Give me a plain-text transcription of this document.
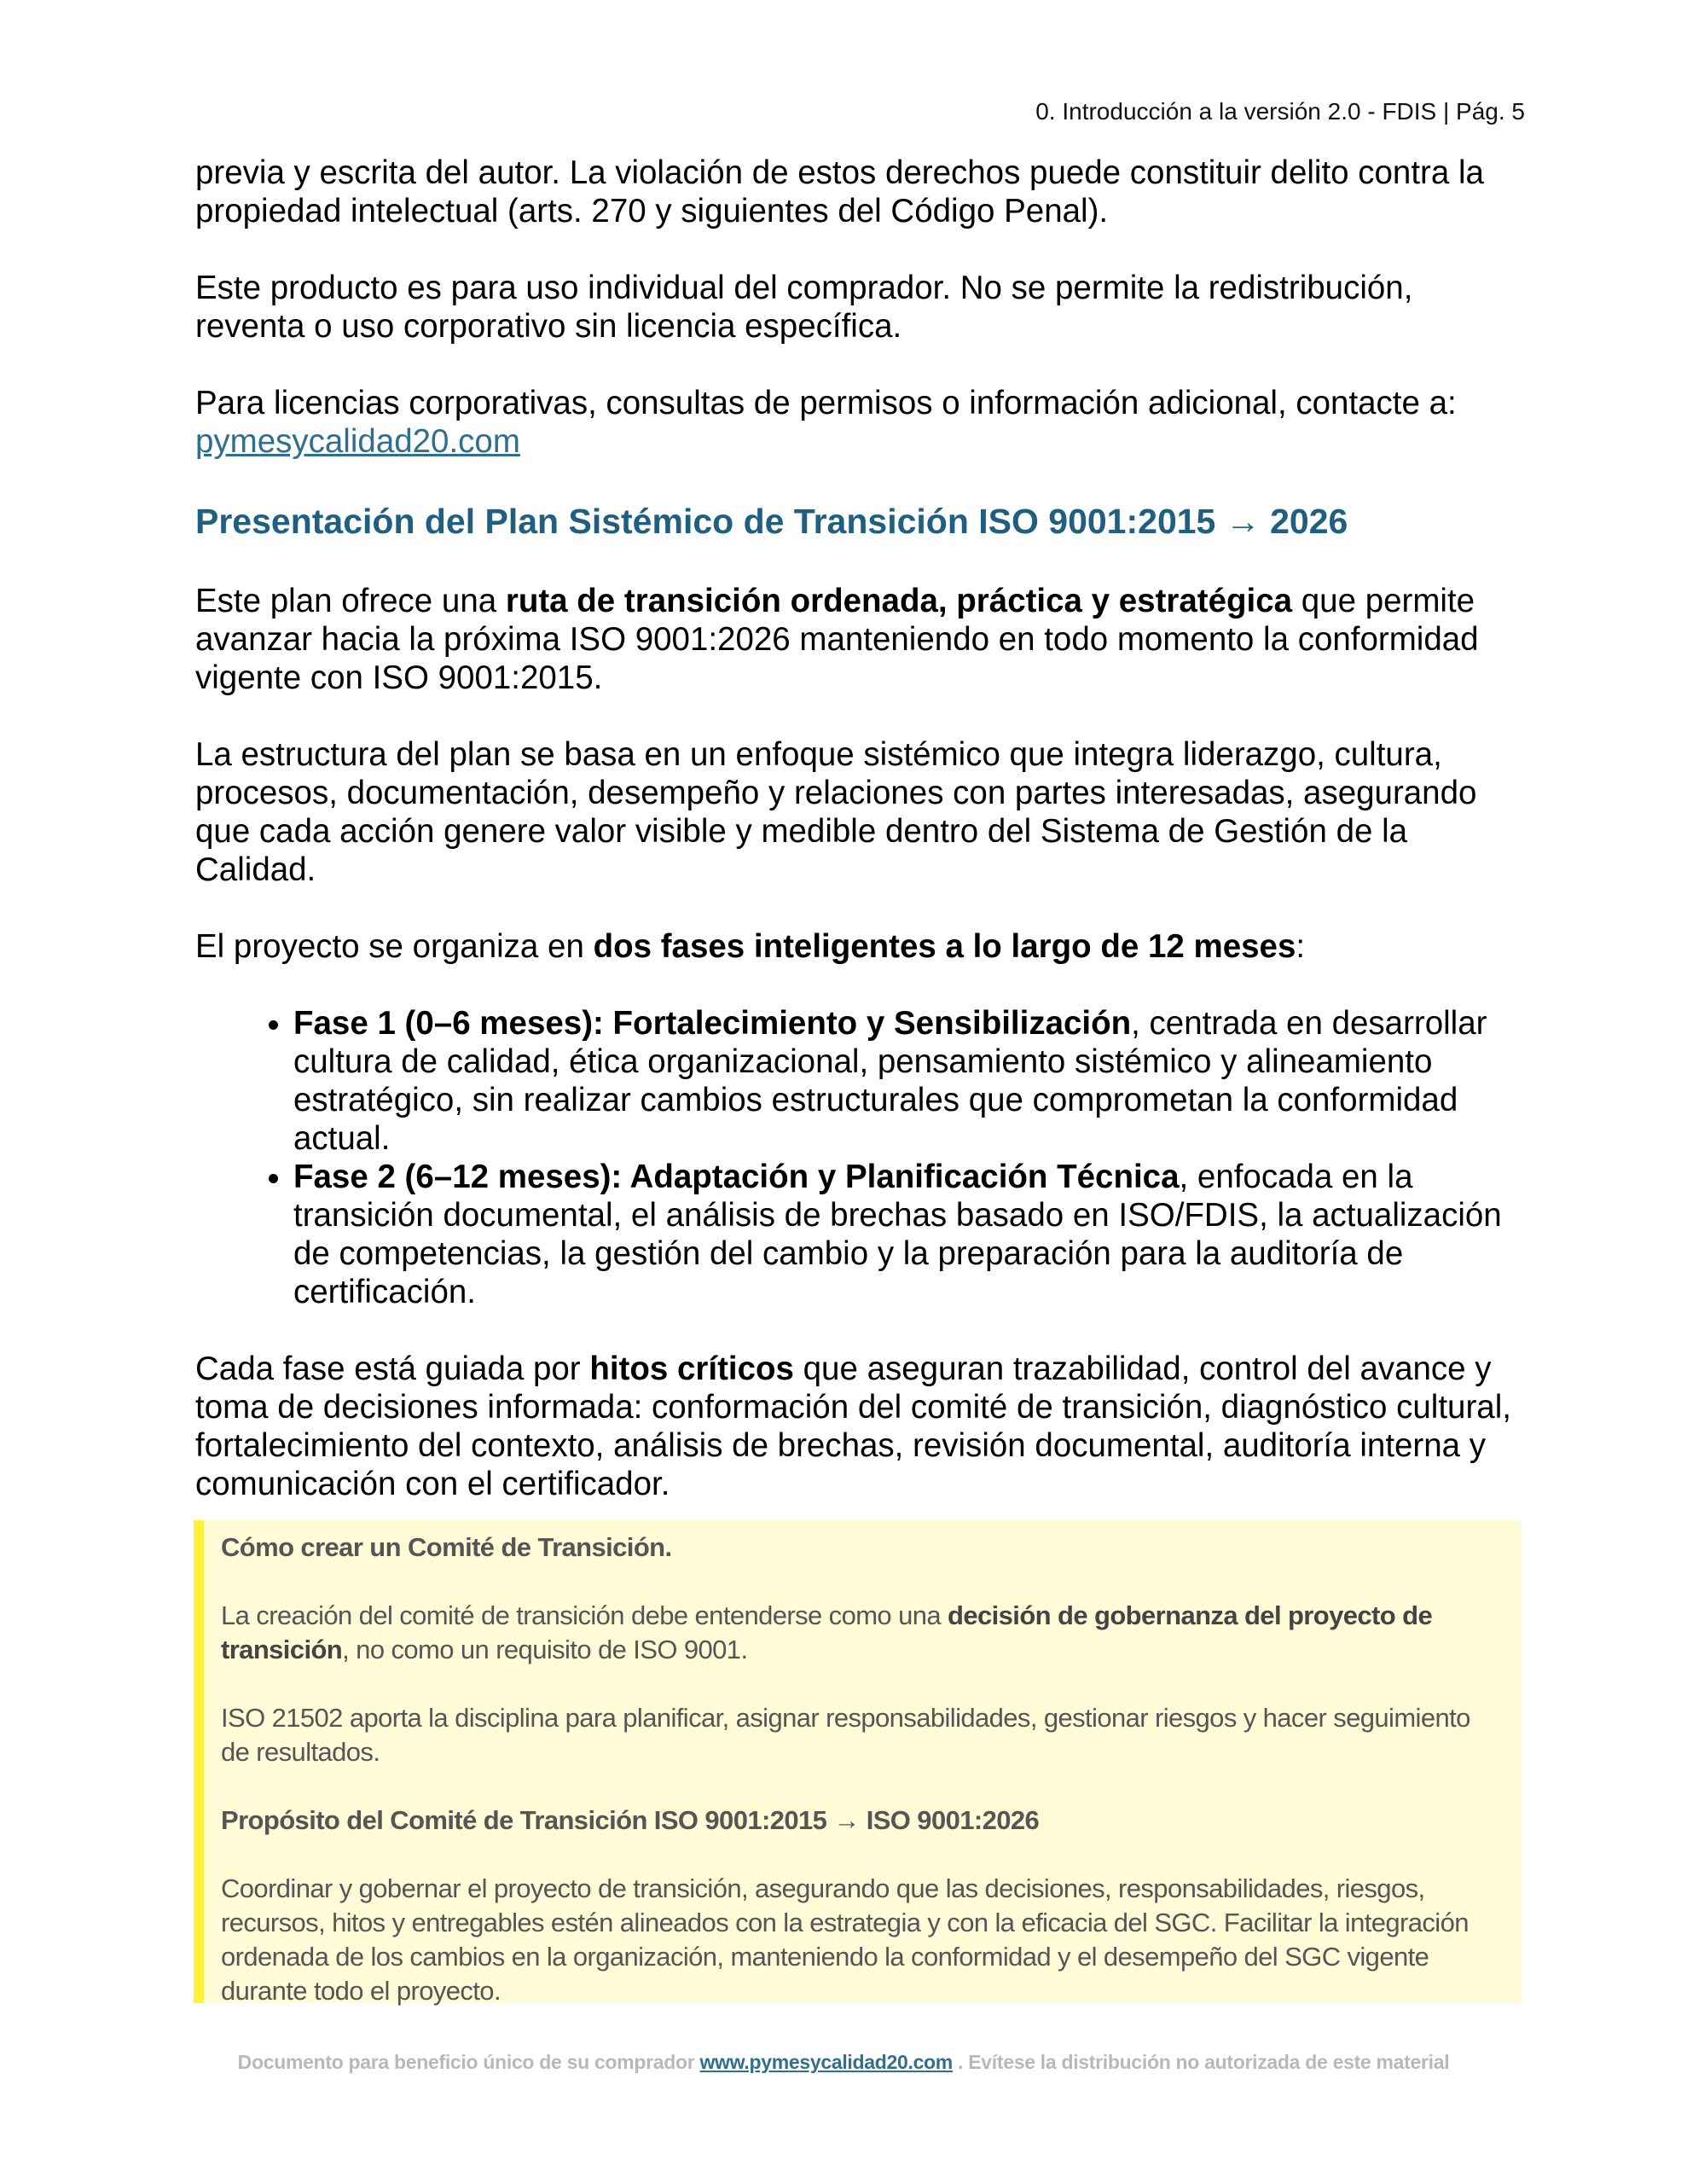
0. Introducción a la versión 2.0 - FDIS | Pág. 5

previa y escrita del autor. La violación de estos derechos puede constituir delito contra la propiedad intelectual (arts. 270 y siguientes del Código Penal).

Este producto es para uso individual del comprador. No se permite la redistribución, reventa o uso corporativo sin licencia específica.

Para licencias corporativas, consultas de permisos o información adicional, contacte a:
pymesycalidad20.com

Presentación del Plan Sistémico de Transición ISO 9001:2015 → 2026

Este plan ofrece una ruta de transición ordenada, práctica y estratégica que permite avanzar hacia la próxima ISO 9001:2026 manteniendo en todo momento la conformidad vigente con ISO 9001:2015.

La estructura del plan se basa en un enfoque sistémico que integra liderazgo, cultura, procesos, documentación, desempeño y relaciones con partes interesadas, asegurando que cada acción genere valor visible y medible dentro del Sistema de Gestión de la Calidad.

El proyecto se organiza en dos fases inteligentes a lo largo de 12 meses:

• Fase 1 (0–6 meses): Fortalecimiento y Sensibilización, centrada en desarrollar cultura de calidad, ética organizacional, pensamiento sistémico y alineamiento estratégico, sin realizar cambios estructurales que comprometan la conformidad actual.
• Fase 2 (6–12 meses): Adaptación y Planificación Técnica, enfocada en la transición documental, el análisis de brechas basado en ISO/FDIS, la actualización de competencias, la gestión del cambio y la preparación para la auditoría de certificación.

Cada fase está guiada por hitos críticos que aseguran trazabilidad, control del avance y toma de decisiones informada: conformación del comité de transición, diagnóstico cultural, fortalecimiento del contexto, análisis de brechas, revisión documental, auditoría interna y comunicación con el certificador.

Cómo crear un Comité de Transición.

La creación del comité de transición debe entenderse como una decisión de gobernanza del proyecto de transición, no como un requisito de ISO 9001.

ISO 21502 aporta la disciplina para planificar, asignar responsabilidades, gestionar riesgos y hacer seguimiento de resultados.

Propósito del Comité de Transición ISO 9001:2015 → ISO 9001:2026

Coordinar y gobernar el proyecto de transición, asegurando que las decisiones, responsabilidades, riesgos, recursos, hitos y entregables estén alineados con la estrategia y con la eficacia del SGC. Facilitar la integración ordenada de los cambios en la organización, manteniendo la conformidad y el desempeño del SGC vigente durante todo el proyecto.

Documento para beneficio único de su comprador www.pymesycalidad20.com . Evítese la distribución no autorizada de este material
